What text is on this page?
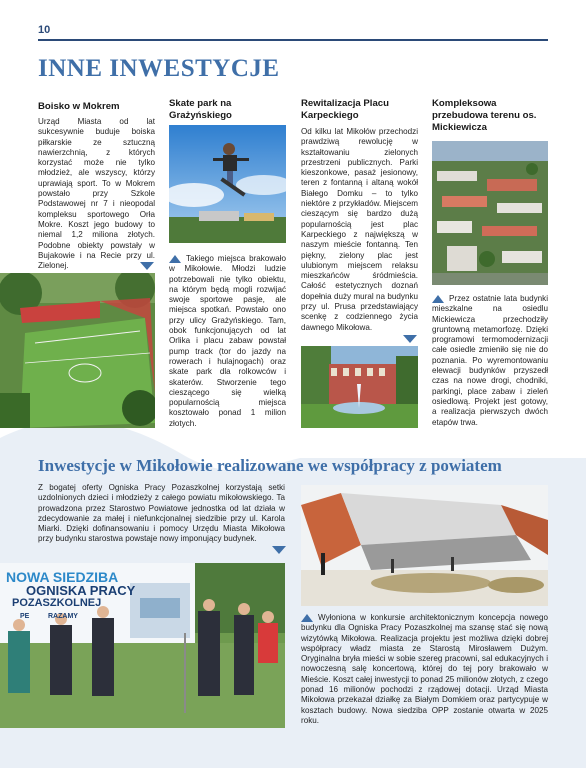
10
INNE INWESTYCJE
Boisko w Mokrem
Urząd Miasta od lat sukcesywnie buduje boiska piłkarskie ze sztuczną nawierzchnią, z których korzystać może nie tylko młodzież, ale wszyscy, którzy uprawiają sport. To w Mokrem powstało przy Szkole Podstawowej nr 7 i nieopodal kompleksu sportowego Orła Mokre. Koszt jego budowy to niemal 1,2 miliona złotych. Podobne obiekty powstały w Bujakowie i na Recie przy ul. Zielonej.
Skate park na Grażyńskiego
Takiego miejsca brakowało w Mikołowie. Młodzi ludzie potrzebowali nie tylko obiektu, na którym będą mogli rozwijać swoje sportowe pasje, ale miejsca spotkań. Powstało ono przy ulicy Grażyńskiego. Tam, obok funkcjonujących od lat Orlika i placu zabaw powstał pump track (tor do jazdy na rowerach i hulajnogach) oraz skate park dla rolkowców i skaterów. Stworzenie tego cieszącego się wielką popularnością miejsca kosztowało ponad 1 milion złotych.
Rewitalizacja Placu Karpeckiego
Od kilku lat Mikołów przechodzi prawdziwą rewolucję w kształtowaniu zielonych przestrzeni publicznych. Parki kieszonkowe, pasaż jesionowy, teren z fontanną i altaną wokół Białego Domku – to tylko niektóre z przykładów. Miejscem cieszącym się bardzo dużą popularnością jest plac Karpeckiego z największą w naszym mieście fontanną. Ten piękny, zielony plac jest ulubionym miejscem relaksu mieszkańców śródmieścia. Całość estetycznych doznań dopełnia duży mural na budynku przy ul. Prusa przedstawiający scenkę z codziennego życia dawnego Mikołowa.
Kompleksowa przebudowa terenu os. Mickiewicza
Przez ostatnie lata budynki mieszkalne na osiedlu Mickiewicza przechodziły gruntowną metamorfozę. Dzięki programowi termomodernizacji całe osiedle zmieniło się nie do poznania. Po wyremontowaniu elewacji budynków przyszedł czas na nowe drogi, chodniki, parkingi, place zabaw i zieleń osiedlową. Projekt jest gotowy, a realizacja pierwszych dwóch etapów trwa.
Inwestycje w Mikołowie realizowane we współpracy z powiatem
Z bogatej oferty Ogniska Pracy Pozaszkolnej korzystają setki uzdolnionych dzieci i młodzieży z całego powiatu mikołowskiego. Ta prowadzona przez Starostwo Powiatowe jednostka od lat działa w zdecydowanie za małej i niefunkcjonalnej siedzibie przy ul. Karola Miarki. Dzięki dofinansowaniu i pomocy Urzędu Miasta Mikołowa przy budynku starostwa powstaje nowy imponujący budynek.
NOWA SIEDZIBA
OGNISKA PRACY
POZASZKOLNEJ
PE	RAZAMY	Wyłoniona w konkursie architektonicznym koncepcja nowego budynku dla Ogniska Pracy Pozaszkolnej ma szansę stać się nową wizytówką Mikołowa. Realizacja projektu jest możliwa dzięki dobrej współpracy władz miasta ze Starostą Mirosławem Dużym. Oryginalna bryła mieści w sobie szereg pracowni, sal edukacyjnych i nowoczesną salę koncertową, której do tej pory brakowało w Mieście. Koszt całej inwestycji to ponad 25 milionów złotych, z czego ponad 16 milionów pochodzi z rządowej dotacji. Urząd Miasta Mikołowa przekazał działkę za Białym Domkiem oraz partycypuje w kosztach budowy. Nowa siedziba OPP zostanie otwarta w 2025 roku.
